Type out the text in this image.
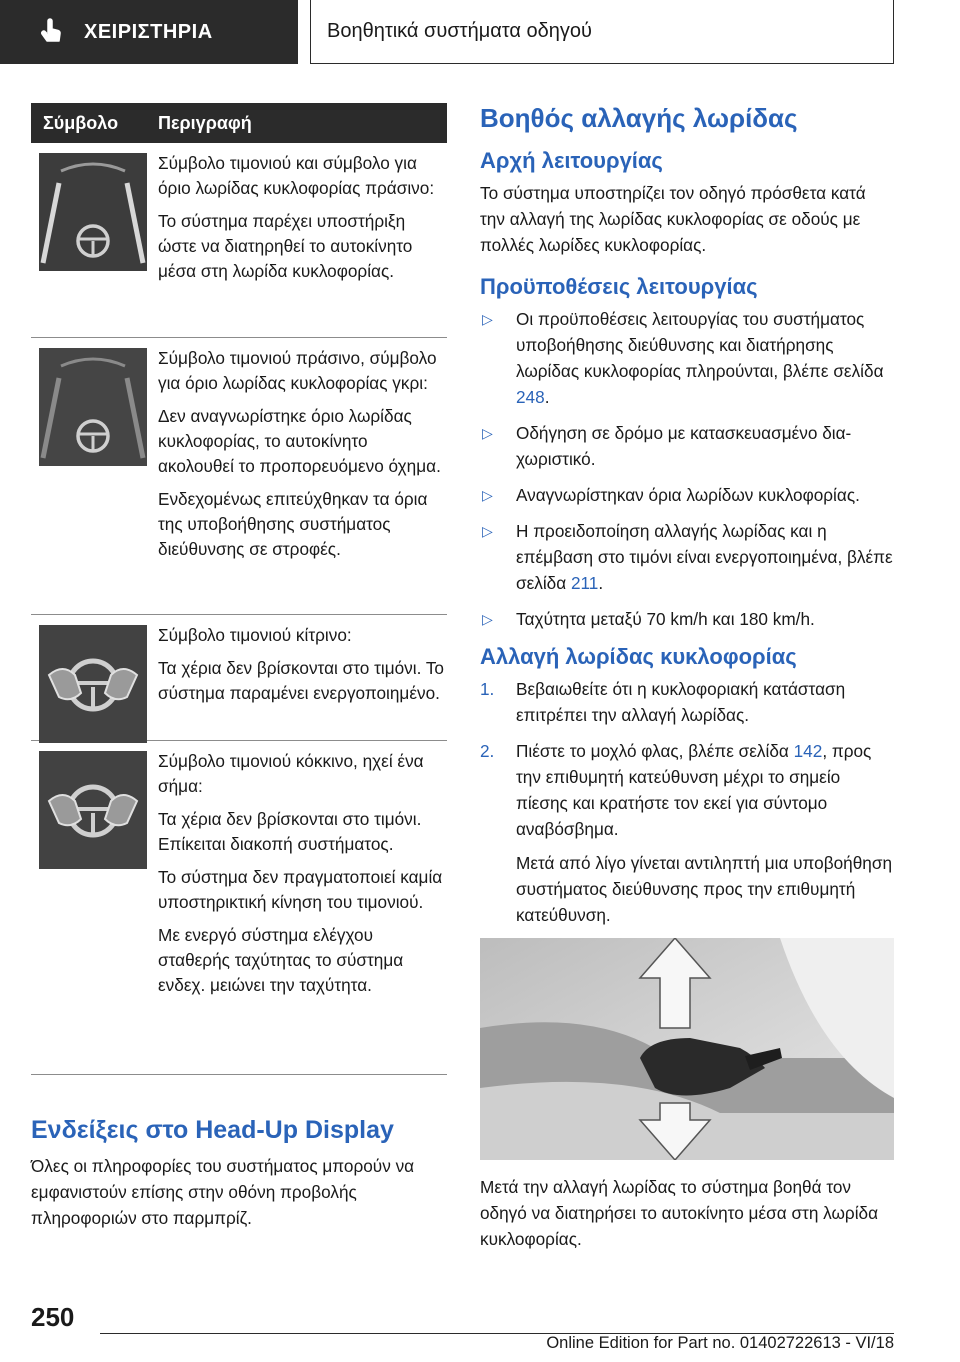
ΧΕΙΡΙΣΤΗΡΙΑ	Βοηθητικά συστήματα οδηγού
Σύμβολο	Περιγραφή

Σύμβολο τιμονιού και σύμβολο για όριο λωρίδας κυκλοφορίας πράσινο:

Το σύστημα παρέχει υποστήριξη ώστε να διατηρηθεί το αυτοκίνητο μέσα στη λωρίδα κυκλοφορίας.

Σύμβολο τιμονιού πράσινο, σύμβολο για όριο λωρίδας κυκλοφορίας γκρι:

Δεν αναγνωρίστηκε όριο λωρίδας κυκλοφορίας, το αυτοκίνητο ακολουθεί το προπορευόμενο όχημα.

Ενδεχομένως επιτεύχθηκαν τα όρια της υποβοήθησης συστήματος διεύθυνσης σε στροφές.

Σύμβολο τιμονιού κίτρινο:

Τα χέρια δεν βρίσκονται στο τιμόνι. Το σύστημα παραμένει ενεργοποιημένο.

Σύμβολο τιμονιού κόκκινο, ηχεί ένα σήμα:

Τα χέρια δεν βρίσκονται στο τιμόνι. Επίκειται διακοπή συστήματος.

Το σύστημα δεν πραγματοποιεί καμία υποστηρικτική κίνηση του τιμονιού.

Με ενεργό σύστημα ελέγχου σταθερής ταχύτητας το σύστημα ενδεχ. μειώνει την ταχύτητα.

Ενδείξεις στο Head-Up Display

Όλες οι πληροφορίες του συστήματος μπορούν να εμφανιστούν επίσης στην οθόνη προβολής πληροφοριών στο παρμπρίζ.

Βοηθός αλλαγής λωρίδας
Αρχή λειτουργίας

Το σύστημα υποστηρίζει τον οδηγό πρόσθετα κατά την αλλαγή της λωρίδας κυκλοφορίας σε οδούς με πολλές λωρίδες κυκλοφορίας.

Προϋποθέσεις λειτουργίας
▷ Οι προϋποθέσεις λειτουργίας του συστήματος υποβοήθησης διεύθυνσης και διατήρησης λωρίδας κυκλοφορίας πληρούνται, βλέπε σελίδα 248.
▷ Οδήγηση σε δρόμο με κατασκευασμένο διαχωριστικό.
▷ Αναγνωρίστηκαν όρια λωρίδων κυκλοφορίας.
▷ Η προειδοποίηση αλλαγής λωρίδας και η επέμβαση στο τιμόνι είναι ενεργοποιημένα, βλέπε σελίδα 211.
▷ Ταχύτητα μεταξύ 70 km/h και 180 km/h.
Αλλαγή λωρίδας κυκλοφορίας
1. Βεβαιωθείτε ότι η κυκλοφοριακή κατάσταση επιτρέπει την αλλαγή λωρίδας.
2. Πιέστε το μοχλό φλας, βλέπε σελίδα 142, προς την επιθυμητή κατεύθυνση μέχρι το σημείο πίεσης και κρατήστε τον εκεί για σύντομο αναβόσβημα.

Μετά από λίγο γίνεται αντιληπτή μια υποβοήθηση συστήματος διεύθυνσης προς την επιθυμητή κατεύθυνση.

Μετά την αλλαγή λωρίδας το σύστημα βοηθά τον οδηγό να διατηρήσει το αυτοκίνητο μέσα στη λωρίδα κυκλοφορίας.

250
Online Edition for Part no. 01402722613 - VI/18
